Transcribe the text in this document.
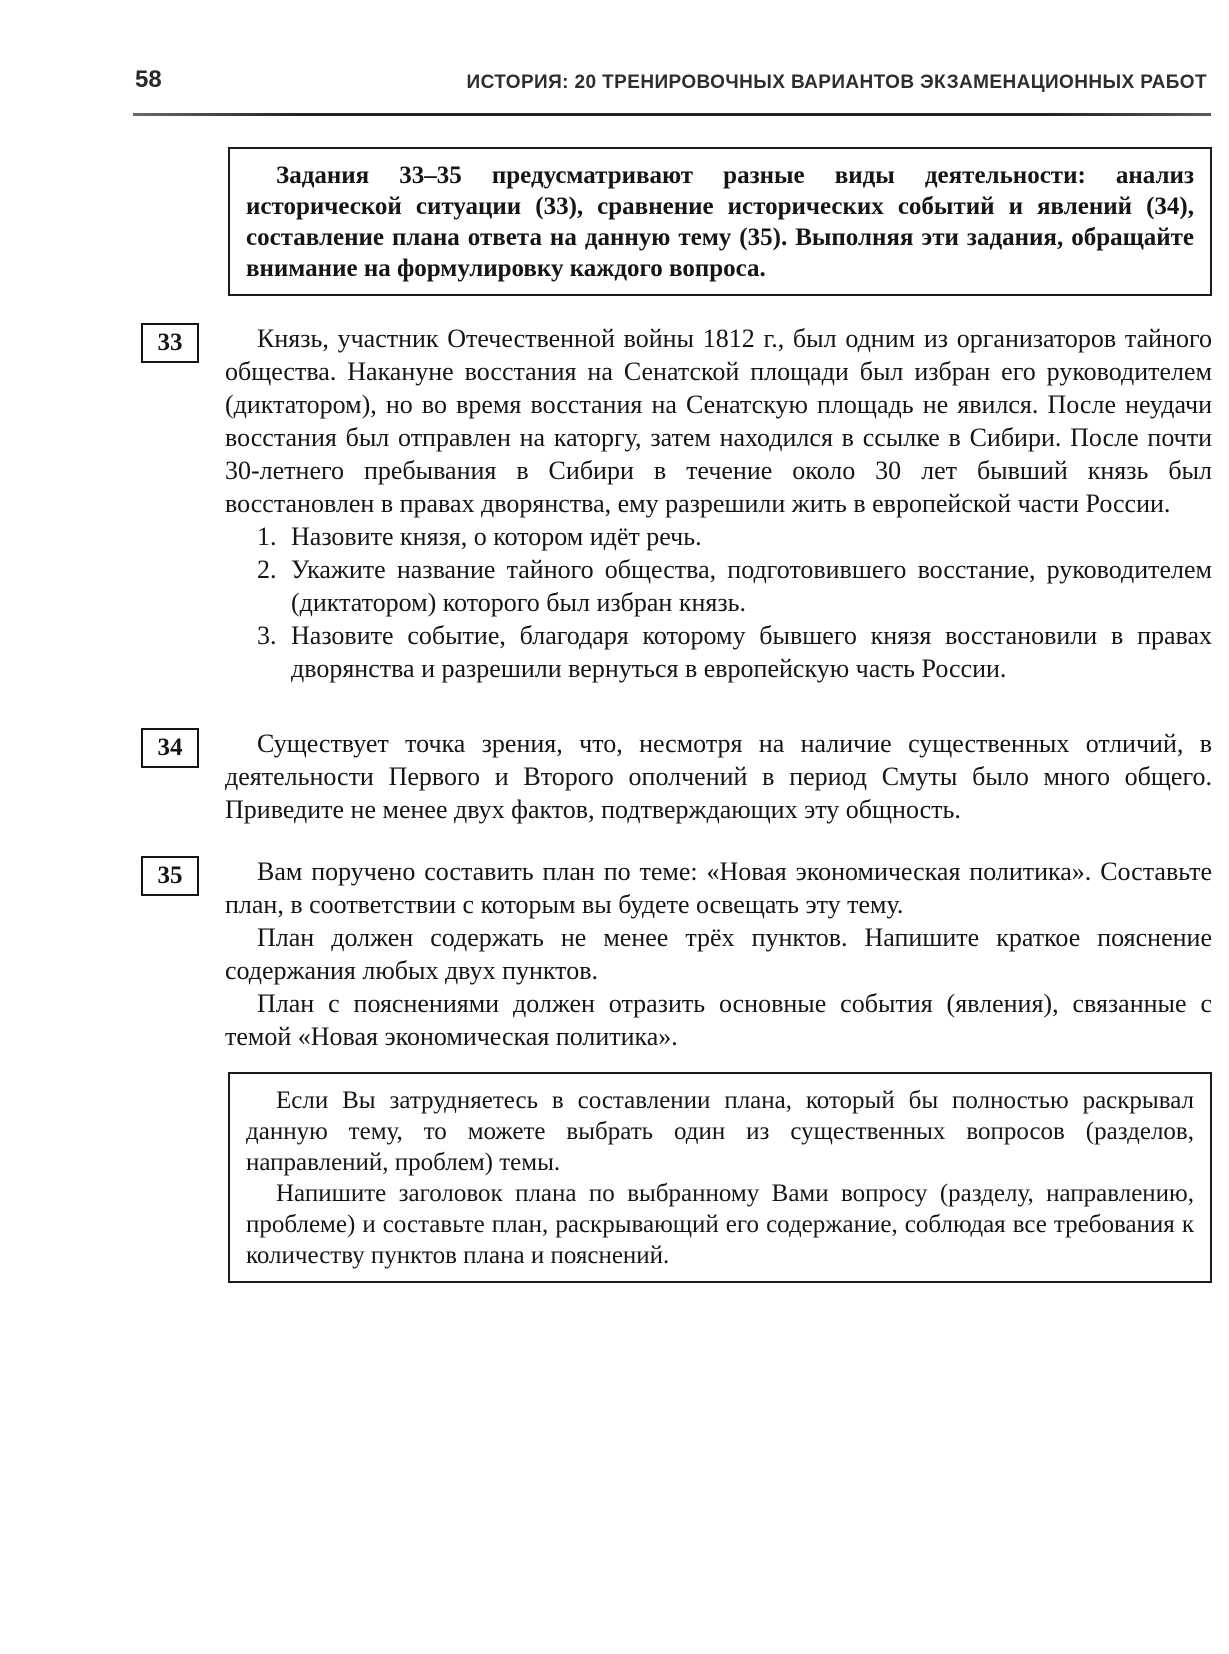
58	ИСТОРИЯ: 20 ТРЕНИРОВОЧНЫХ ВАРИАНТОВ ЭКЗАМЕНАЦИОННЫХ РАБОТ

Задания 33–35 предусматривают разные виды деятельности: анализ исторической ситуации (33), сравнение исторических событий и явлений (34), составление плана ответа на данную тему (35). Выполняя эти задания, обращайте внимание на формулировку каждого вопроса.

33	Князь, участник Отечественной войны 1812 г., был одним из организаторов тайного общества. Накануне восстания на Сенатской площади был избран его руководителем (диктатором), но во время восстания на Сенатскую площадь не явился. После неудачи восстания был отправлен на каторгу, затем находился в ссылке в Сибири. После почти 30-летнего пребывания в Сибири в течение около 30 лет бывший князь был восстановлен в правах дворянства, ему разрешили жить в европейской части России.

1. Назовите князя, о котором идёт речь.
2. Укажите название тайного общества, подготовившего восстание, руководителем (диктатором) которого был избран князь.
3. Назовите событие, благодаря которому бывшего князя восстановили в правах дворянства и разрешили вернуться в европейскую часть России.
34	Существует точка зрения, что, несмотря на наличие существенных отличий, в деятельности Первого и Второго ополчений в период Смуты было много общего. Приведите не менее двух фактов, подтверждающих эту общность.

35	Вам поручено составить план по теме: «Новая экономическая политика». Составьте план, в соответствии с которым вы будете освещать эту тему.

План должен содержать не менее трёх пунктов. Напишите краткое пояснение содержания любых двух пунктов.

План с пояснениями должен отразить основные события (явления), связанные с темой «Новая экономическая политика».

Если Вы затрудняетесь в составлении плана, который бы полностью раскрывал данную тему, то можете выбрать один из существенных вопросов (разделов, направлений, проблем) темы.

Напишите заголовок плана по выбранному Вами вопросу (разделу, направлению, проблеме) и составьте план, раскрывающий его содержание, соблюдая все требования к количеству пунктов плана и пояснений.
